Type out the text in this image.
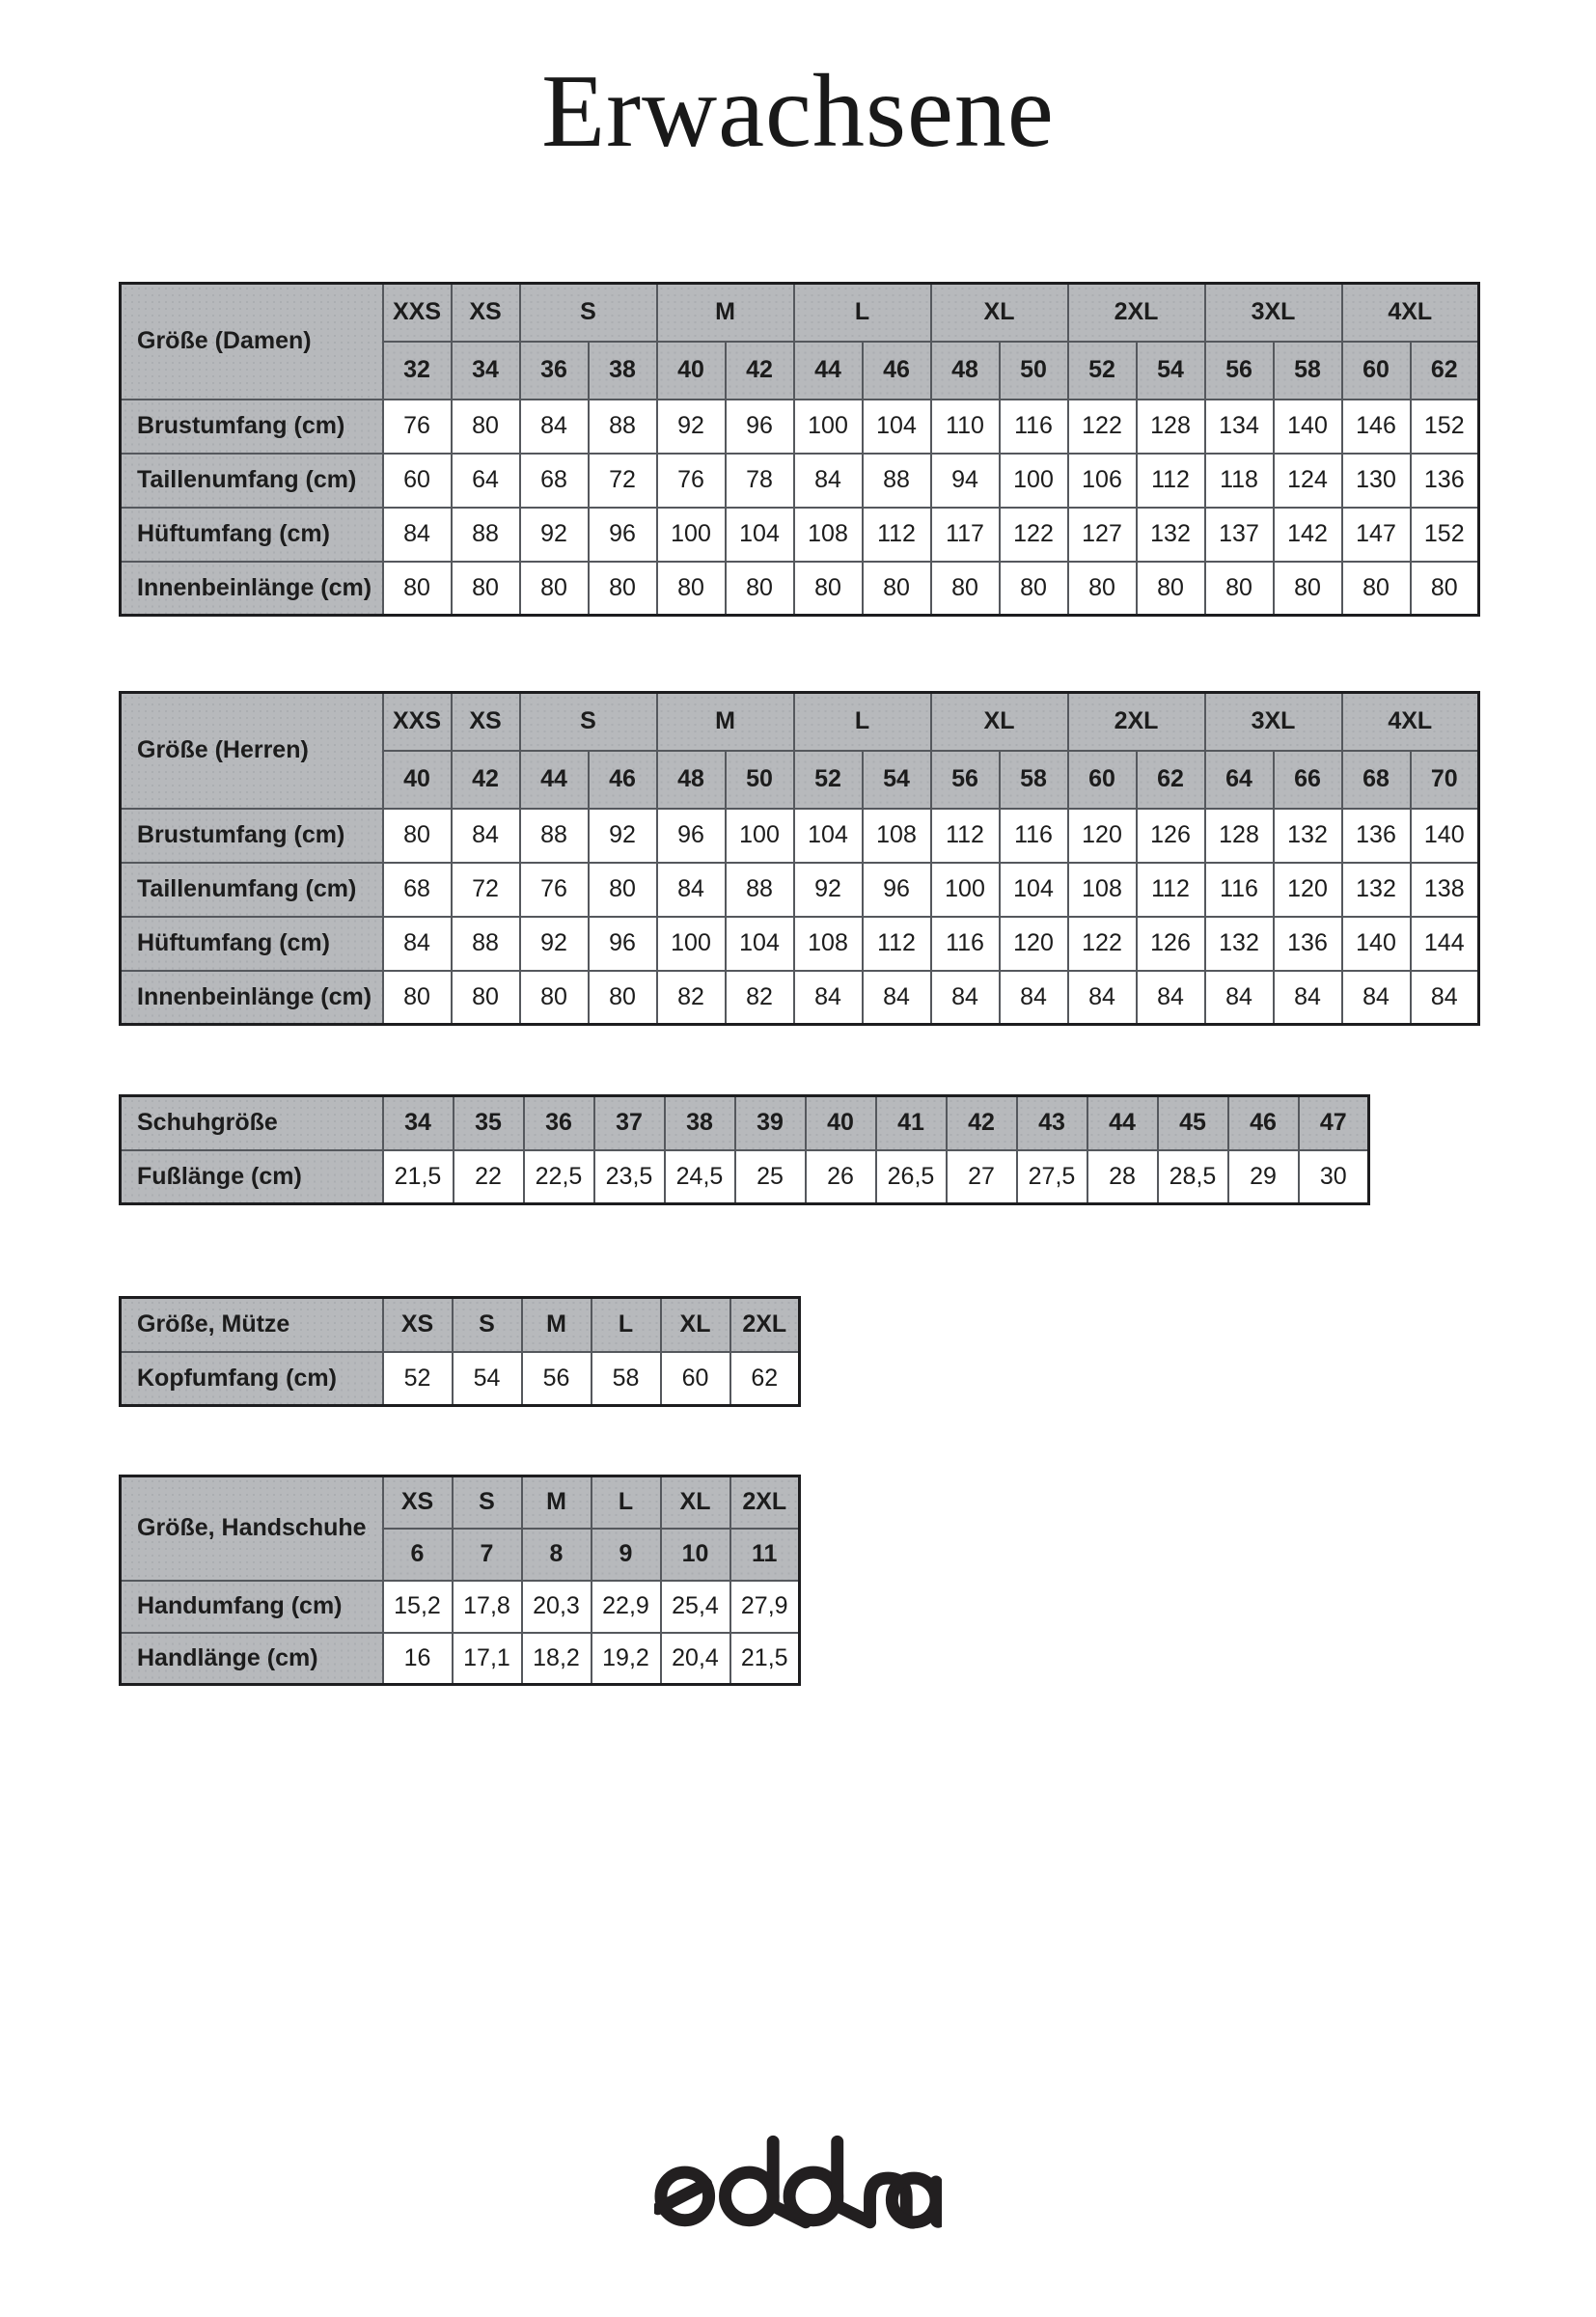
Erwachsene
Größe (Damen)	XXS	XS	S		M		L		XL		2XL		3XL		4XL	
	32	34	36	38	40	42	44	46	48	50	52	54	56	58	60	62
Brustumfang (cm)	76	80	84	88	92	96	100	104	110	116	122	128	134	140	146	152
Taillenumfang (cm)	60	64	68	72	76	78	84	88	94	100	106	112	118	124	130	136
Hüftumfang (cm)	84	88	92	96	100	104	108	112	117	122	127	132	137	142	147	152
Innenbeinlänge (cm)	80	80	80	80	80	80	80	80	80	80	80	80	80	80	80	80
Größe (Herren)	XXS	XS	S		M		L		XL		2XL		3XL		4XL	
	40	42	44	46	48	50	52	54	56	58	60	62	64	66	68	70
Brustumfang (cm)	80	84	88	92	96	100	104	108	112	116	120	126	128	132	136	140
Taillenumfang (cm)	68	72	76	80	84	88	92	96	100	104	108	112	116	120	132	138
Hüftumfang (cm)	84	88	92	96	100	104	108	112	116	120	122	126	132	136	140	144
Innenbeinlänge (cm)	80	80	80	80	82	82	84	84	84	84	84	84	84	84	84	84
Schuhgröße	34	35	36	37	38	39	40	41	42	43	44	45	46	47
Fußlänge (cm)	21,5	22	22,5	23,5	24,5	25	26	26,5	27	27,5	28	28,5	29	30
Größe, Mütze	XS	S	M	L	XL	2XL
Kopfumfang (cm)	52	54	56	58	60	62
Größe, Handschuhe	XS	S	M	L	XL	2XL
	6	7	8	9	10	11
Handumfang (cm)	15,2	17,8	20,3	22,9	25,4	27,9
Handlänge (cm)	16	17,1	18,2	19,2	20,4	21,5
